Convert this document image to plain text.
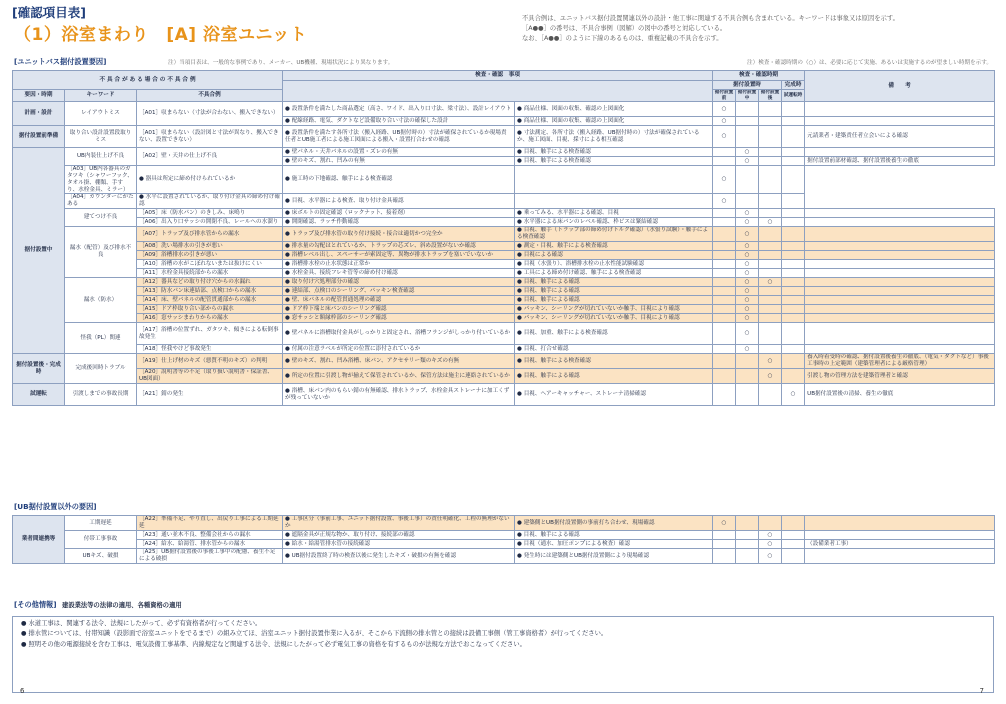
[確認項目表]
（1）浴室まわり　[A] 浴室ユニット
不具合例は、ユニットバス据付設置関連以外の設計・他工事に関連する不具合例も含まれている。キーワードは事象又は原因を示す。
［A●●］の番号は、不具合事例（図解）の図中の番号と対応している。
なお、［A●●］のように下線のあるものは、重複記載の不具合を示す。
[ユニットバス据付設置要因]	注）当項目表は、一般的な事例であり、メーカー、UB機種、現場状況により異なります。	注）検査・確認時期の（○）は、必要に応じて実施、あるいは実施するのが望ましい時期を示す。
不 具 合 が あ る 場 合 の 不 具 合 例			検査・確認　事項		検査・確認時期				備　　考
					据付設置時			完成時	
要因・時期	キーワード	不具合例			据付設置前	据付設置中	据付設置後	試運転時	
計画・設計	レイアウトミス	［A01］収まらない（寸法が合わない、搬入できない）	● 設置条件を満たした商品選定（高さ、ワイド、出入り口寸法、梁寸法）、設計レイアウト	● 商品仕様、図面の収集、確認の上図面化	○				
			● 配線経路、電気、ダクトなど設備取り合い寸法の確保した設計	● 商品仕様、図面の収集、確認の上図面化	○				
据付設置前準備	取り合い設計設置段取りミス	［A01］収まらない（設計図と寸法が異なり、搬入できない、設置できない）	● 設置条件を満たす各所寸法（搬入経路、UB据付時の）寸法が確保されているか現場責任者とUB施工者による施工図面による搬入・設置打合わせの確認	● 寸法測定、各所寸法（搬入経路、UB据付時の）寸法が確保されているか、施工図面、目視、採寸による相互確認	○				元請業者・建築責任者立会いによる確認
据付設置中	UB内装仕上げ不良	［A02］壁・天井の仕上げ不良	● 壁パネル・天井パネルの設置・ズレの有無	● 目視、触手による検査確認		○			
			● 壁のキズ、割れ、凹みの有無	● 目視、触手による検査確認		○			据付設置前部材確認、据付設置後養生の徹底
	［A03］UB内各器具のガタツキ（シャワーフック、タオル掛、棚類、手すり、水栓金具、ミラー）	● 器具は所定に締め付けられているか	● 施工時の下地確認、触手による検査確認		○				
	［A04］カウンターにがたある	● 水平に設置されているか、取り付け金具の締め付け確認	● 目視、水平器による検査、取り付け金具確認		○				
	建てつけ不良	［A05］床（防水パン）のきしみ、床鳴り	● 床ボルトの固定確認（ロックナット、接着剤）	● 乗ってみる、水平器による確認、目視		○			
		［A06］出入り口サッシの開閉不良、レールへの水溜り	● 開閉確認、ラッチ作動確認	● 水平器による床パンのレベル確認、枠ビスは緊結確認		○	○		
	漏水（配管）及び排水不良	［A07］トラップ及び排水管からの漏水	● トラップ及び排水管の取り付け接続・接合は適切かつ完全か	● 目視、触手（トラップ部の締め付けトルク確認）（水張り試験）・触手による検査確認		○			
		［A08］洗い場排水の引きが悪い	● 排水量の勾配はとれているか、トラップの芯ズレ、斜め設置がないか確認	● 測定・目視、触手による検査確認		○			
		［A09］浴槽排水の引きが悪い	● 浴槽レベル出し、スペーサーが索固定等、異物が排水トラップを塞いでいないか	● 目視による確認		○			
		［A10］浴槽の水がこぼれないまたは抜けにくい	● 浴槽排水栓の止水状態は正常か	● 目視（水張り）、浴槽排水栓の止水性能試験確認		○			
		［A11］水栓金具接続部からの漏水	● 水栓金具、接続フレキ管等の締め付け確認	● 工具による締め付け確認、触手による検査確認		○			
	漏水（防水）	［A12］器具などの取り付け穴からの水漏れ	● 取り付け穴処理部分の確認	● 目視、触手による確認		○	○		
		［A13］防水パン床連結部、点検口からの漏水	● 連結部、点検口のシーリング、パッキン検査確認	● 目視、触手による確認		○			
		［A14］床、壁パネルの配管貫通部からの漏水	● 壁、床パネルの配管貫通処理の確認	● 目視、触手による確認		○			
		［A15］ドア枠取り合い部からの漏水	● ドア枠下端と床パンのシーリング確認	● パッキン、シーリングが切れていないか触手、目視により確認		○			
		［A16］窓サッシまわりからの漏水	● 窓サッシと額縁枠部のシーリング確認	● パッキン、シーリングが切れていないか触手、目視により確認		○			
	怪我（PL）関連	［A17］浴槽の位置ずれ、ガタツキ、傾きによる転倒事故発生	● 壁パネルに浴槽取付金具がしっかりと固定され、浴槽フランジがしっかり付いているか	● 目視、加重、触手による検査確認		○			
		［A18］怪我やけど事故発生	● 付属の注意ラベルが所定の位置に添付されているか	● 目視、打合せ確認		○			
据付設置後・完成時	完成後回時トラブル	［A19］仕上げ材のキズ（悪質不明のキズ）の判明	● 壁のキズ、割れ、凹み浴槽、床パン、アクセサリー類のキズの有無	● 目視、触手による検査確認			○		養入時着受時の確認、据付設置後養生の徹底、（電気・ダクトなど）事後工事時の上定範囲（建築管理者による厳格管理）
		［A20］説明書等の不足（取り扱い説明書・保証書、UB図面）	● 所定の位置に引渡し物が揃えて保管されているか、保管方法は施主に連絡されているか	● 目視、触手による確認			○		引渡し物の管理方法を建築管理者と確認
試運転	引渡しまでの事故長期	［A21］錆の発生	● 浴槽、床パン内のもらい錆の有無確認、排水トラップ、水栓金具ストレーナに加工くずが残っていないか	● 目視、ヘアーキャッチャー、ストレーナ清掃確認				○	UB据付設置後の清掃、養生の徹底
[UB据付設置以外の要因]
業者間連携等	工期遅延	［A22］準備不足、やり直し、出戻り工事による工期延延	● 工事区分（事前工事、ユニット据付設置、事後工事）の責任明確化、工程の無理がないか	● 建築側とUB据付設置側の事前打ち合わせ、現場確認	○				
	付帯工事事故	［A23］通い並木不良、整備会社からの漏水	● 遮隔金具が正規な物か、取り付け、接続部の確認	● 目視、触手による確認			○		
		［A24］給水、給湯管、排水管からの漏水	● 給水・給湯管排水管の接続確認	● 目視（通水、加圧ポンプによる検査）確認			○		（設備業者工事）
	UBキズ、破損	［A25］UB据付設置後の事後工事中の配慮、養生不足による破損	● UB据付設置終了時の検査以後に発生したキズ・破損の有無を確認	● 発生時には建築側とUB据付設置側により現場確認			○		
[その他情報] 建設業法等の法律の適用、各種資格の適用
● 水道工事は、関連する法令、法規にしたがって、必ず有資格者が行ってください。
● 排水管については、付帯知識（設影面で浴室ユニットをでるまで）の組み立てほ、浴室ユニット据付設置作業に入るが、そこから下流側の排水管との接続は設備工事側（管工事資格者）が行ってください。
● 照明その他の電源接続を含む工事は、電気設備工事基準、内線規定など関連する法令、法規にしたがって必ず電気工事の資格を有するものが法規な方法でおこなってください。
6	7
